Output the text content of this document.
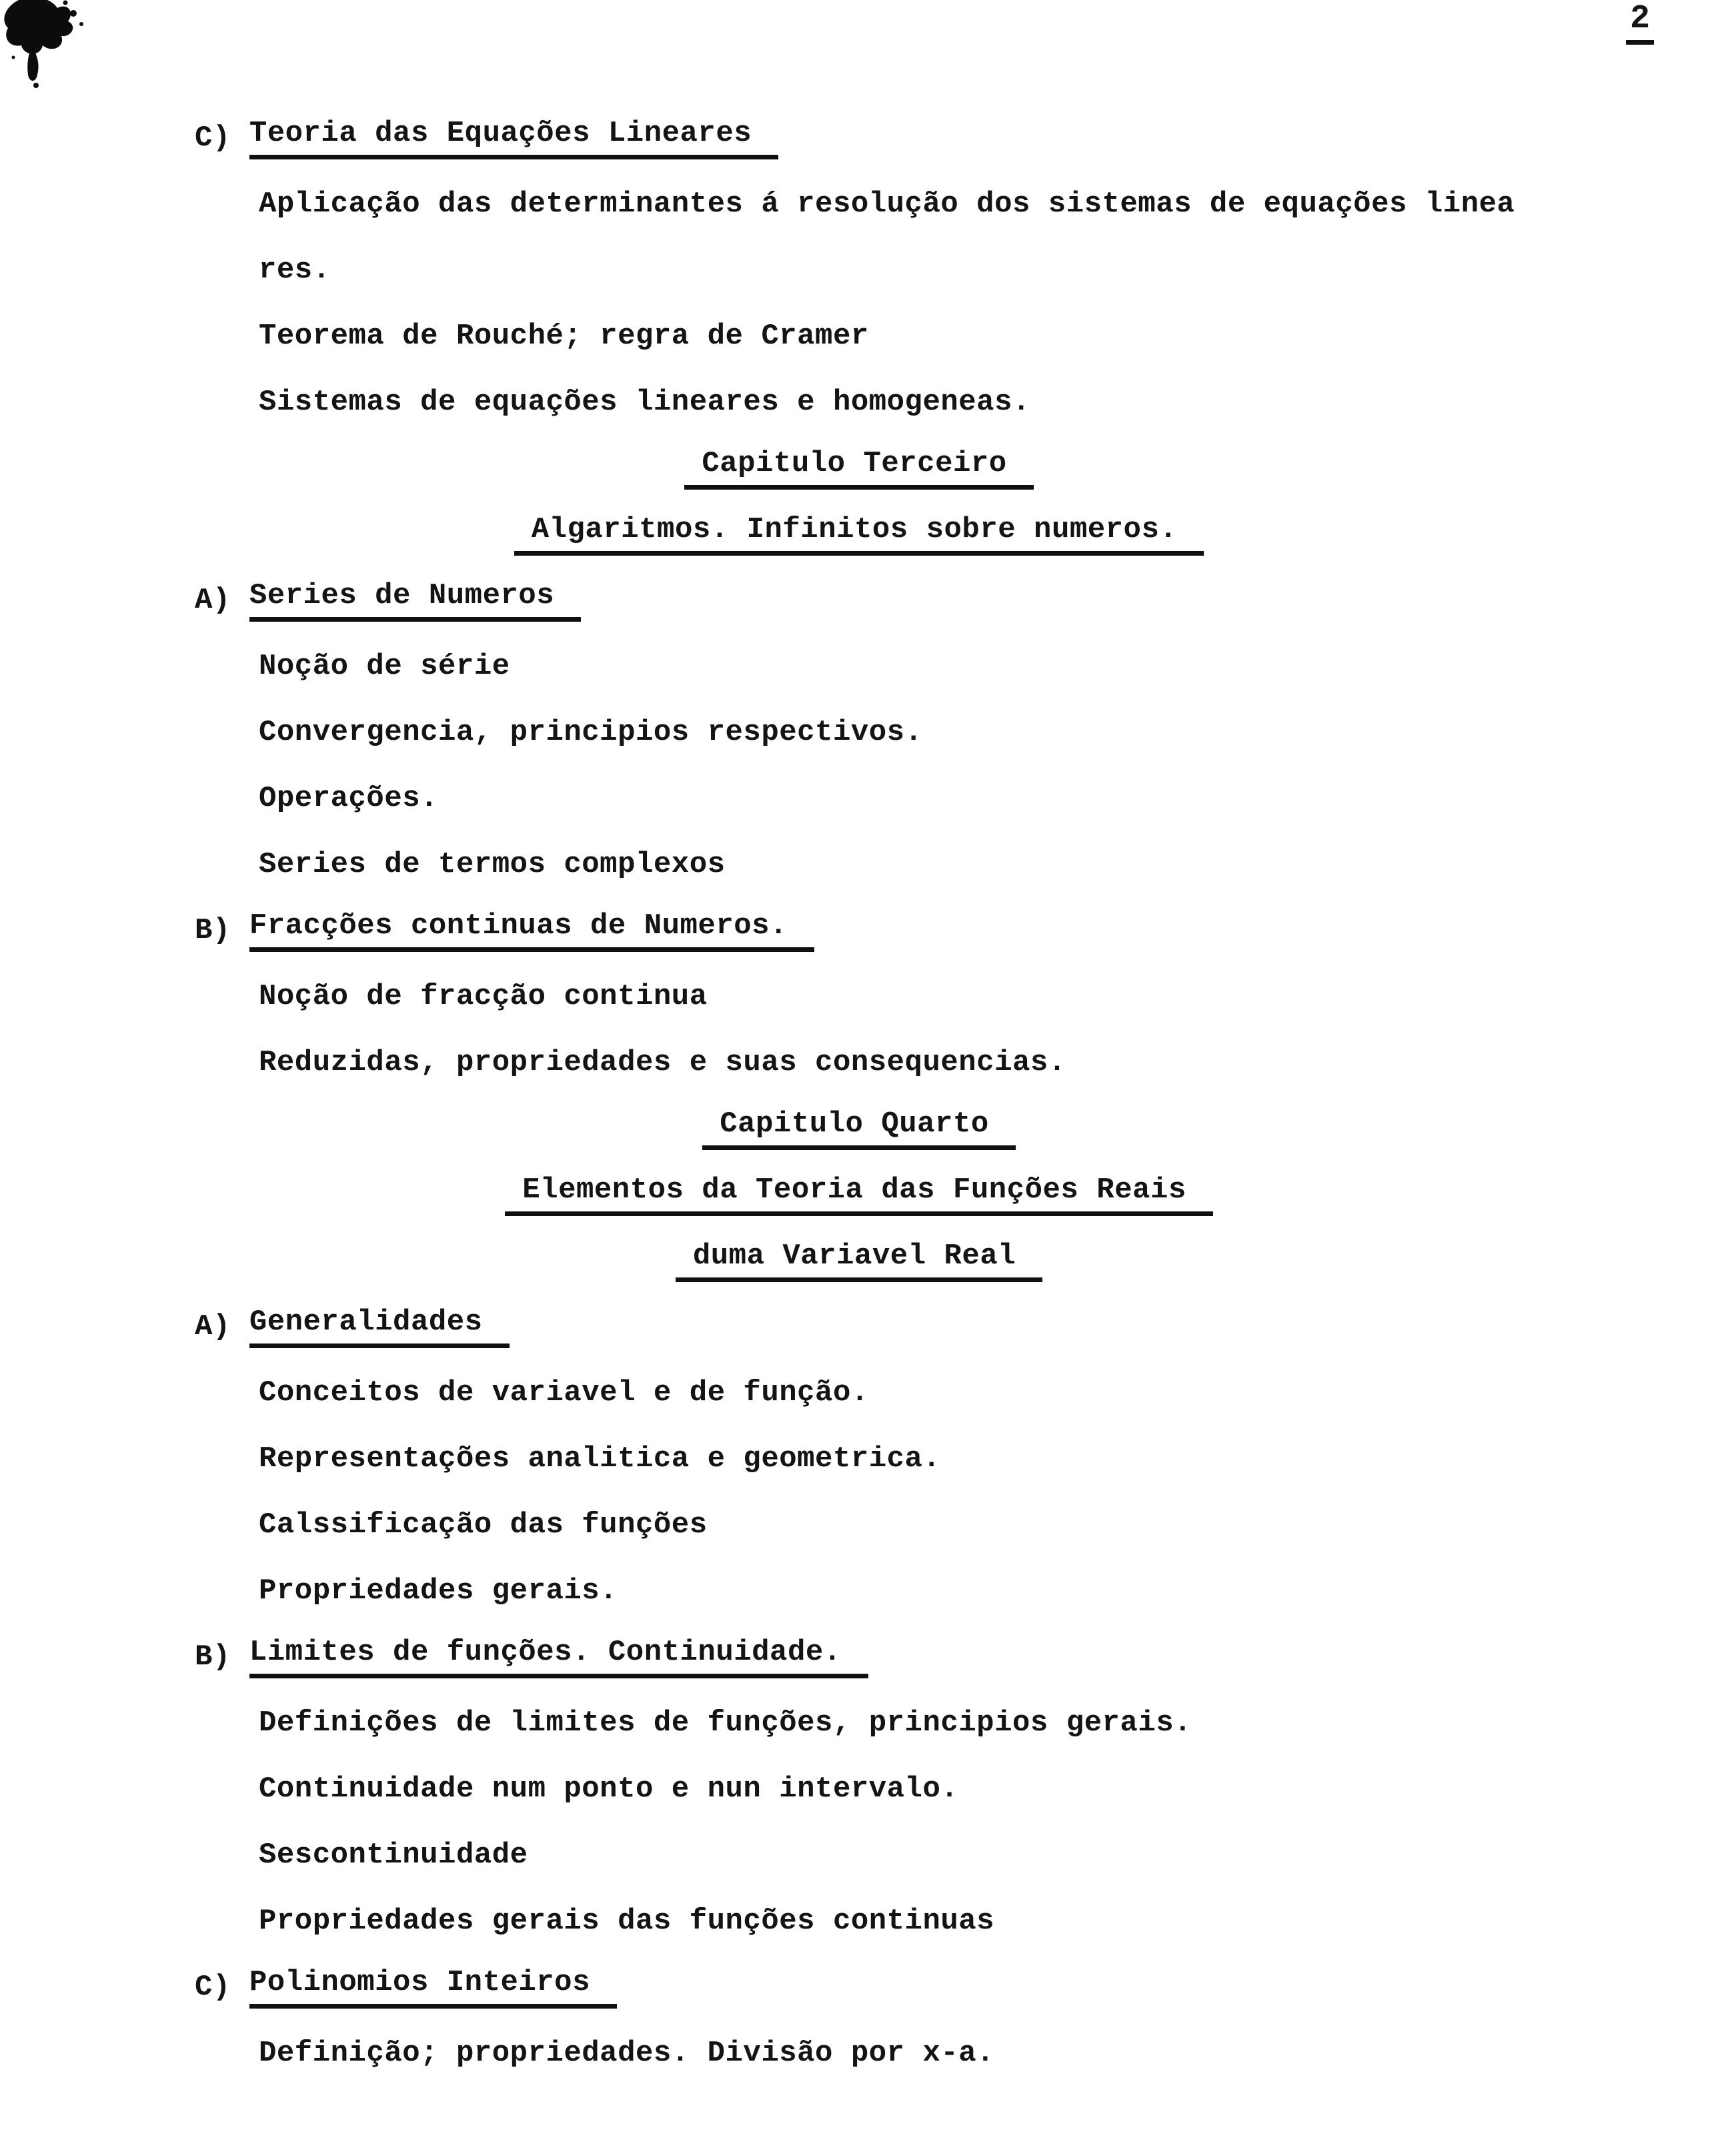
2
C) Teoria das Equações Lineares
Aplicação das determinantes á resolução dos sistemas de equações linea
res.
Teorema de Rouché; regra de Cramer
Sistemas de equações lineares e homogeneas.
Capitulo Terceiro
Algaritmos. Infinitos sobre numeros.
A) Series de Numeros
Noção de série
Convergencia, principios respectivos.
Operações.
Series de termos complexos
B) Fracções continuas de Numeros.
Noção de fracção continua
Reduzidas, propriedades e suas consequencias.
Capitulo Quarto
Elementos da Teoria das Funções Reais
duma Variavel Real
A) Generalidades
Conceitos de variavel e de função.
Representações analitica e geometrica.
Calssificação das funções
Propriedades gerais.
B) Limites de funções. Continuidade.
Definições de limites de funções, principios gerais.
Continuidade num ponto e nun intervalo.
Sescontinuidade
Propriedades gerais das funções continuas
C) Polinomios Inteiros
Definição; propriedades. Divisão por x-a.
